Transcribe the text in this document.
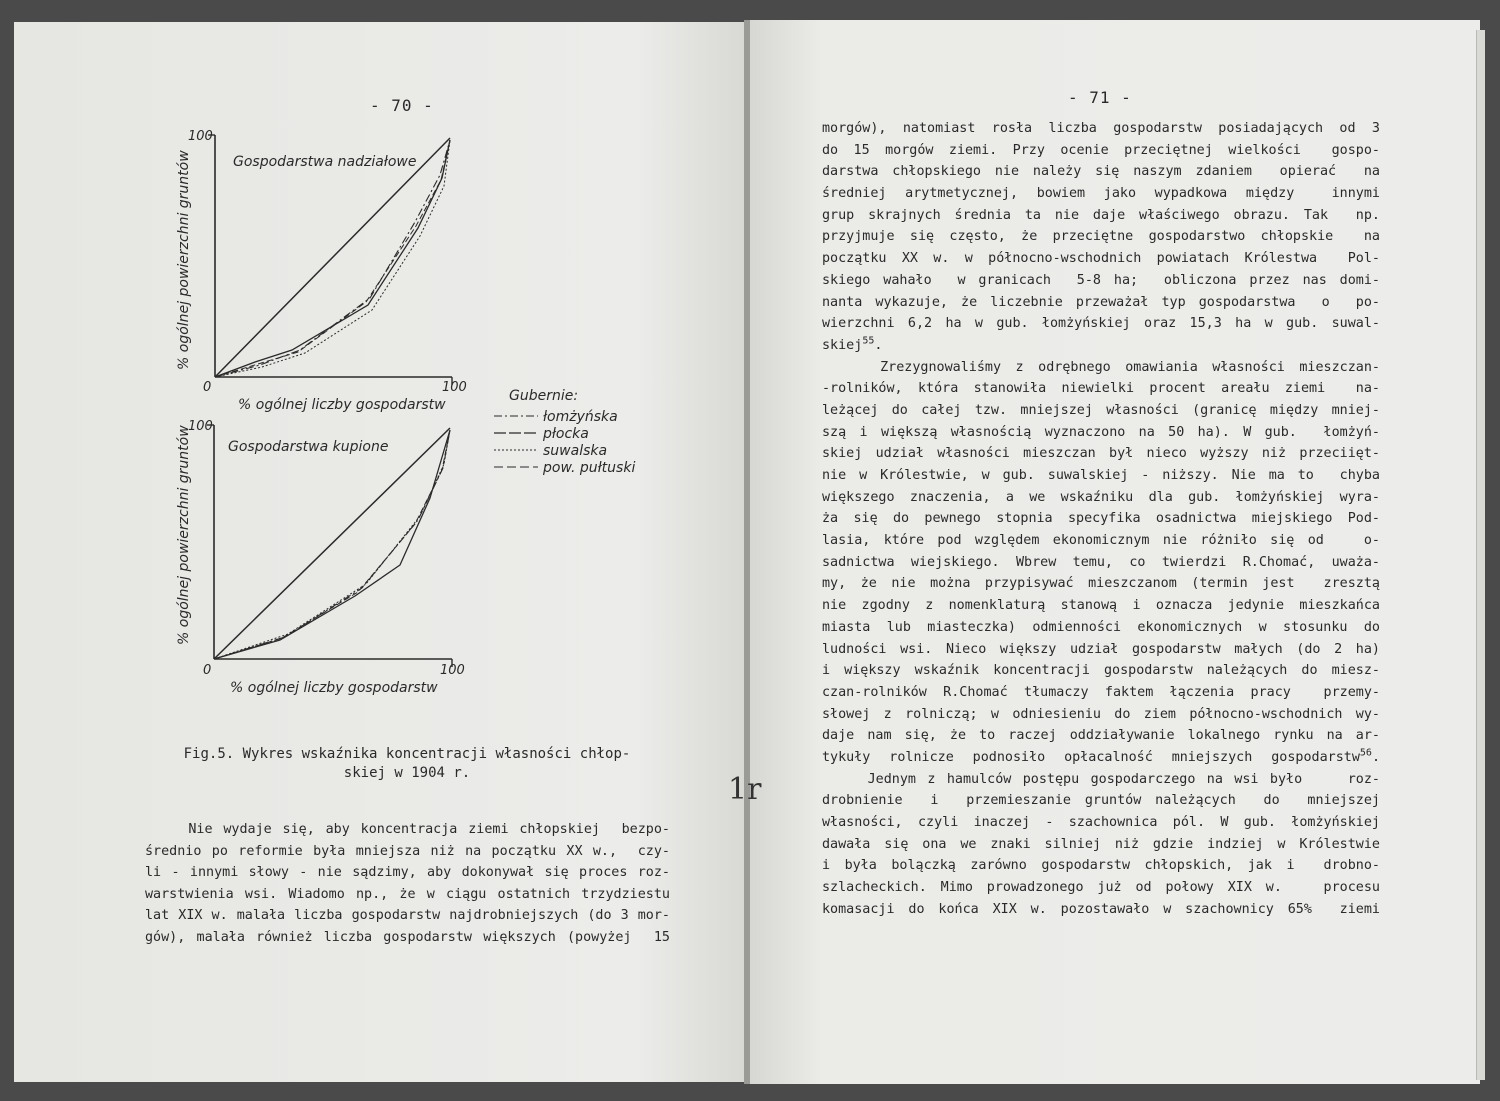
- 70 -	- 71 -
Gospodarstwa nadziałowe
100
0	100
% ogólnej liczby gospodarstw
% ogólnej powierzchni gruntów
Gospodarstwa kupione
100
0	100
% ogólnej liczby gospodarstw
% ogólnej powierzchni gruntów
Gubernie:
łomżyńska
płocka
suwalska
pow. pułtuski
Fig.5. Wykres wskaźnika koncentracji własności chłop-
skiej w 1904 r.
Nie wydaje się, aby koncentracja ziemi chłopskiej  bezpo-
średnio po reformie była mniejsza niż na początku XX w.,  czy-
li - innymi słowy - nie sądzimy, aby dokonywał się proces roz-
warstwienia wsi. Wiadomo np., że w ciągu ostatnich trzydziestu
lat XIX w. malała liczba gospodarstw najdrobniejszych (do 3 mor-
gów), malała również liczba gospodarstw większych (powyżej  15
1r
morgów), natomiast rosła liczba gospodarstw posiadających od 3
do 15 morgów ziemi. Przy ocenie przeciętnej wielkości  gospo-
darstwa chłopskiego nie należy się naszym zdaniem  opierać  na
średniej arytmetycznej, bowiem jako wypadkowa między  innymi
grup skrajnych średnia ta nie daje właściwego obrazu. Tak  np.
przyjmuje się często, że przeciętne gospodarstwo chłopskie  na
początku XX w. w północno-wschodnich powiatach Królestwa  Pol-
skiego wahało  w granicach  5-8 ha;  obliczona przez nas domi-
nanta wykazuje, że liczebnie przeważał typ gospodarstwa  o  po-
wierzchni 6,2 ha w gub. łomżyńskiej oraz 15,3 ha w gub. suwal-
skiej$^{55}$.
Zrezygnowaliśmy z odrębnego omawiania własności mieszczan-
-rolników, która stanowiła niewielki procent areału ziemi  na-
leżącej do całej tzw. mniejszej własności (granicę między mniej-
szą i większą własnością wyznaczono na 50 ha). W gub.  łomżyń-
skiej udział własności mieszczan był nieco wyższy niż przeciięt-
nie w Królestwie, w gub. suwalskiej - niższy. Nie ma to  chyba
większego znaczenia, a we wskaźniku dla gub. łomżyńskiej wyra-
ża się do pewnego stopnia specyfika osadnictwa miejskiego Pod-
lasia, które pod względem ekonomicznym nie różniło się od   o-
sadnictwa wiejskiego. Wbrew temu, co twierdzi R.Chomać, uważa-
my, że nie można przypisywać mieszczanom (termin jest  zresztą
nie zgodny z nomenklaturą stanową i oznacza jedynie mieszkańca
miasta lub miasteczka) odmienności ekonomicznych w stosunku do
ludności wsi. Nieco większy udział gospodarstw małych (do 2 ha)
i większy wskaźnik koncentracji gospodarstw należących do miesz-
czan-rolników R.Chomać tłumaczy faktem łączenia pracy  przemy-
słowej z rolniczą; w odniesieniu do ziem północno-wschodnich wy-
daje nam się, że to raczej oddziaływanie lokalnego rynku na ar-
tykuły rolnicze podnosiło opłacalność mniejszych gospodarstw$^{56}$.
Jednym z hamulców postępu gospodarczego na wsi było    roz-
drobnienie  i  przemieszanie gruntów należących  do  mniejszej
własności, czyli inaczej - szachownica pól. W gub. łomżyńskiej
dawała się ona we znaki silniej niż gdzie indziej w Królestwie
i była bolączką zarówno gospodarstw chłopskich, jak i  drobno-
szlacheckich. Mimo prowadzonego już od połowy XIX w.   procesu
komasacji do końca XIX w. pozostawało w szachownicy 65%  ziemi
